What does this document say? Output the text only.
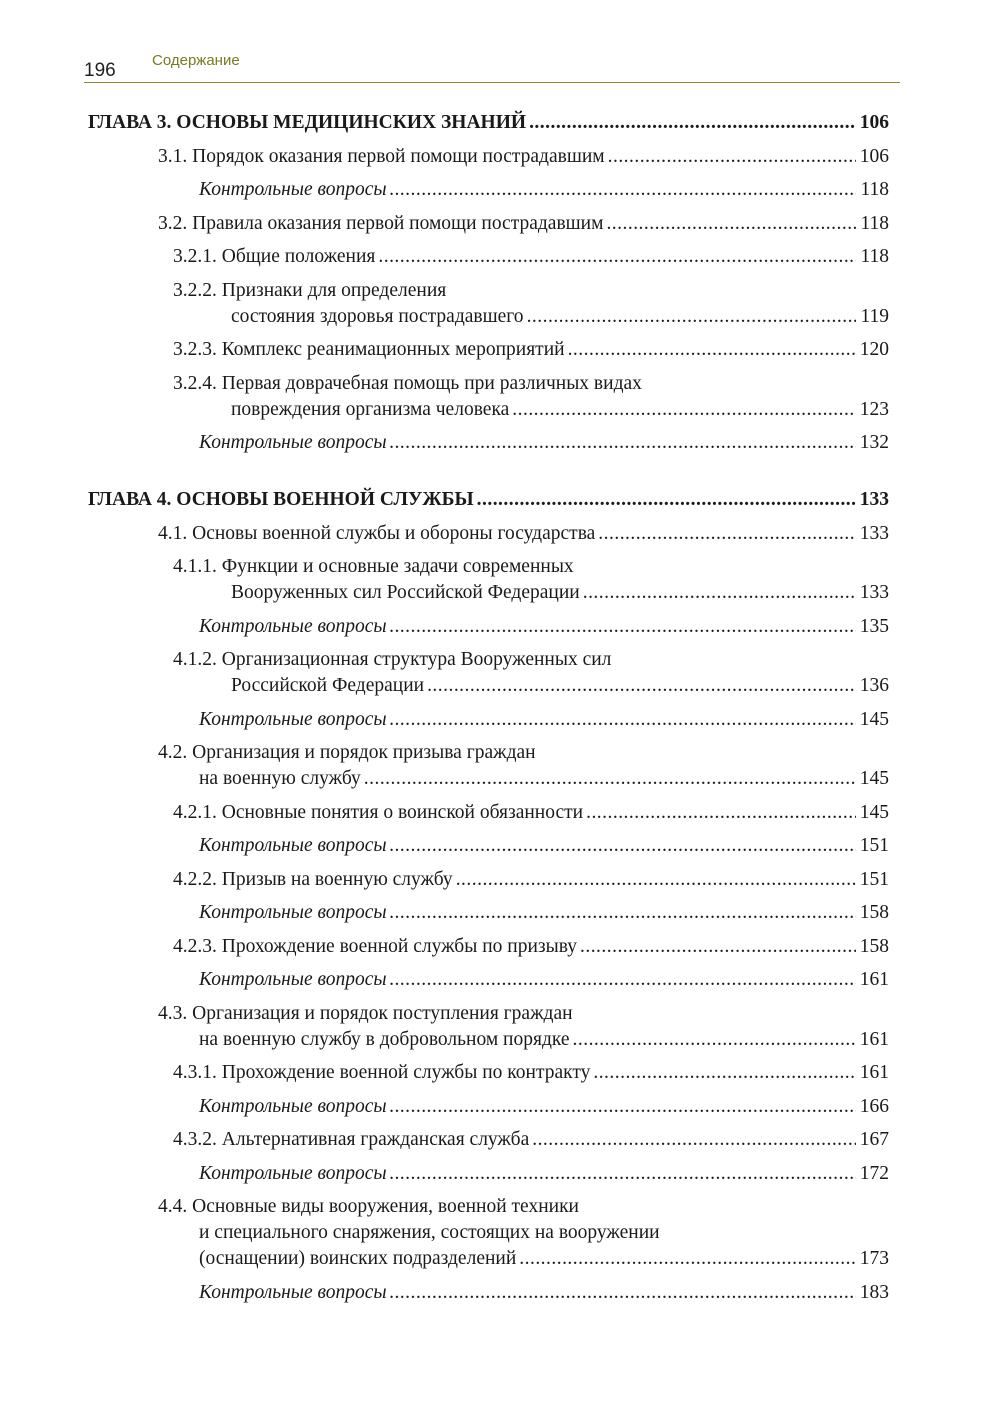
196 Содержание
ГЛАВА 3. ОСНОВЫ МЕДИЦИНСКИХ ЗНАНИЙ . . .	106
3.1. Порядок оказания первой помощи пострадавшим . . .	106
Контрольные вопросы . . .	118
3.2. Правила оказания первой помощи пострадавшим . . .	118
3.2.1. Общие положения . . .	118
3.2.2. Признаки для определения
состояния здоровья пострадавшего . . .	119
3.2.3. Комплекс реанимационных мероприятий . . .	120
3.2.4. Первая доврачебная помощь при различных видах
повреждения организма человека . . .	123
Контрольные вопросы . . .	132
ГЛАВА 4. ОСНОВЫ ВОЕННОЙ СЛУЖБЫ . . .	133
4.1. Основы военной службы и обороны государства . . .	133
4.1.1. Функции и основные задачи современных
Вооруженных сил Российской Федерации . . .	133
Контрольные вопросы . . .	135
4.1.2. Организационная структура Вооруженных сил
Российской Федерации . . .	136
Контрольные вопросы . . .	145
4.2. Организация и порядок призыва граждан
на военную службу . . .	145
4.2.1. Основные понятия о воинской обязанности . . .	145
Контрольные вопросы . . .	151
4.2.2. Призыв на военную службу . . .	151
Контрольные вопросы . . .	158
4.2.3. Прохождение военной службы по призыву . . .	158
Контрольные вопросы . . .	161
4.3. Организация и порядок поступления граждан
на военную службу в добровольном порядке . . .	161
4.3.1. Прохождение военной службы по контракту . . .	161
Контрольные вопросы . . .	166
4.3.2. Альтернативная гражданская служба . . .	167
Контрольные вопросы . . .	172
4.4. Основные виды вооружения, военной техники
и специального снаряжения, состоящих на вооружении
(оснащении) воинских подразделений . . .	173
Контрольные вопросы . . .	183
